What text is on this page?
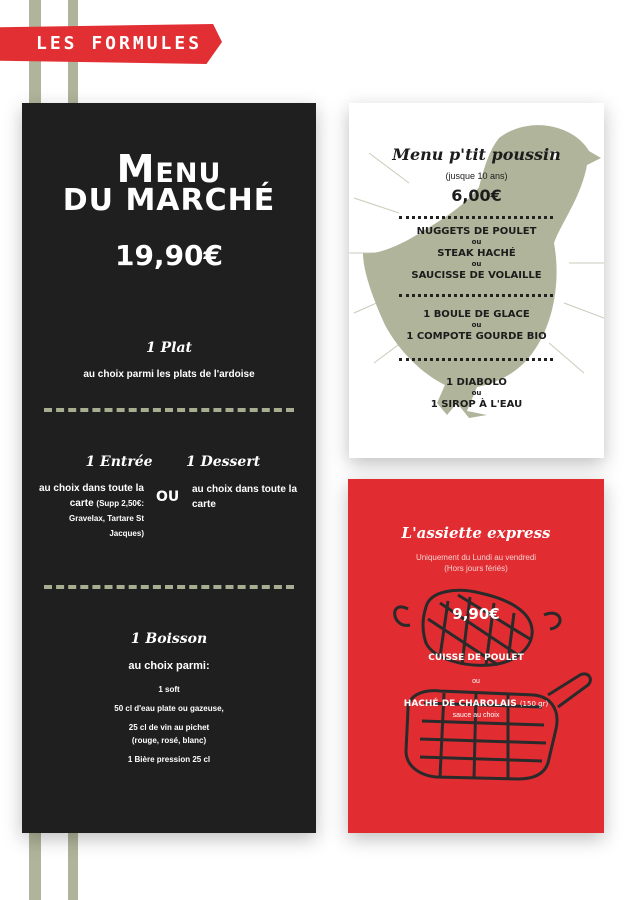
LES FORMULES
Menu
DU MARCHÉ
19,90€
1 Plat
au choix parmi les plats de l'ardoise
1 Entrée 1 Dessert
au choix dans toute la carte (Supp 2,50€: Gravelax, Tartare St Jacques)
OU au choix dans toute la carte
1 Boisson
au choix parmi:
1 soft
50 cl d'eau plate ou gazeuse,
25 cl de vin au pichet
(rouge, rosé, blanc)
1 Bière pression 25 cl
Menu p'tit poussin
(jusque 10 ans)
6,00€
NUGGETS DE POULET
ou
STEAK HACHÉ
ou
SAUCISSE DE VOLAILLE
1 BOULE DE GLACE
ou
1 COMPOTE GOURDE BIO
1 DIABOLO
ou
1 SIROP À L'EAU
L'assiette express
Uniquement du Lundi au vendredi
(Hors jours fériés)
9,90€
CUISSE DE POULET
ou
HACHÉ DE CHAROLAIS (150 gr)
sauce au choix
